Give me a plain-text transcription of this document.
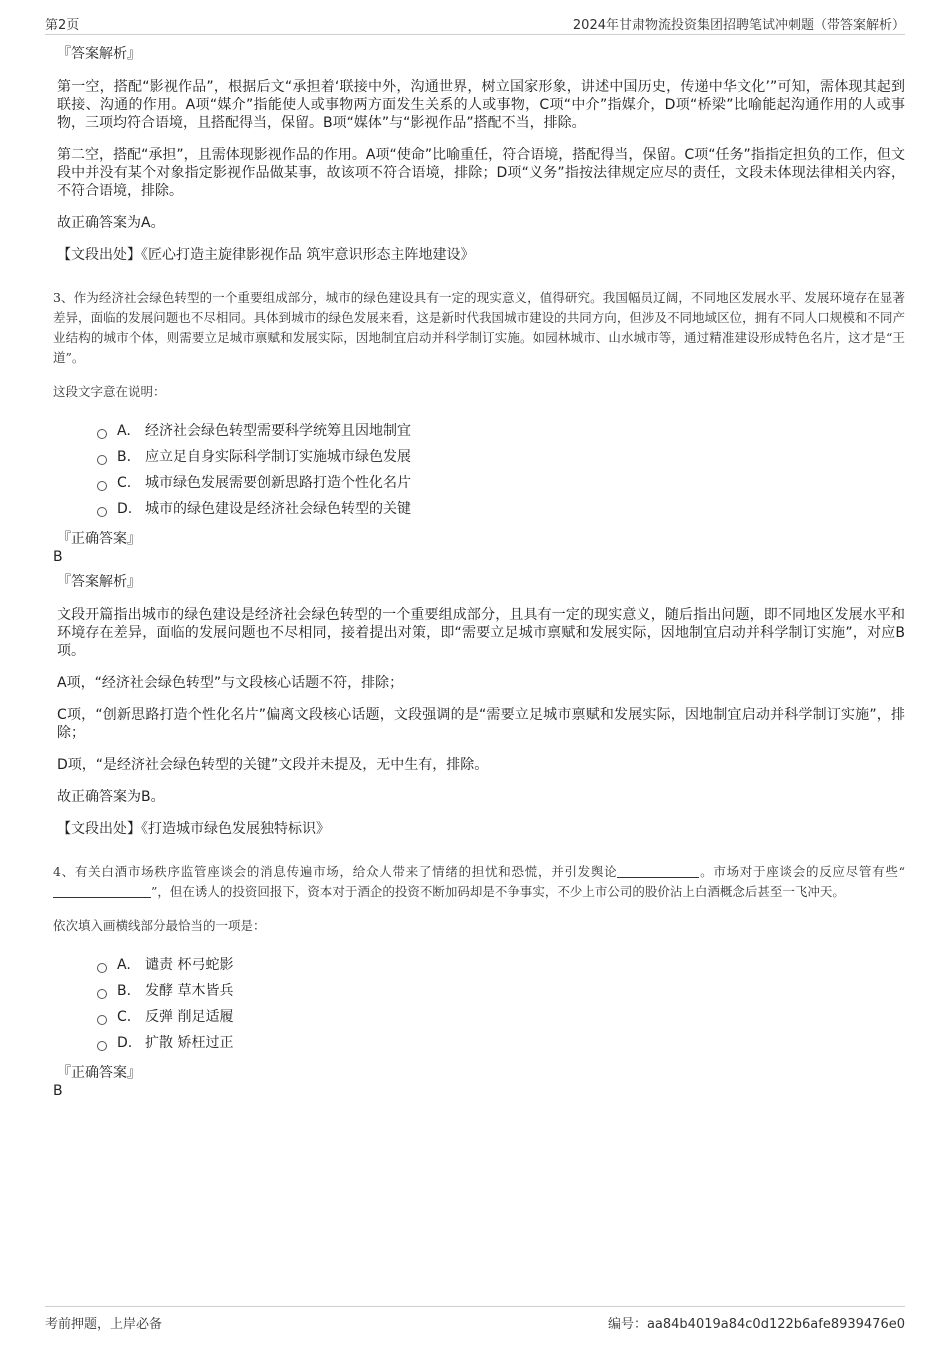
第2页	2024年甘肃物流投资集团招聘笔试冲刺题（带答案解析）
『答案解析』

第一空，搭配“影视作品”，根据后文“承担着‘联接中外，沟通世界，树立国家形象，讲述中国历史，传递中华文化’”可知，需体现其起到联接、沟通的作用。A项“媒介”指能使人或事物两方面发生关系的人或事物，C项“中介”指媒介，D项“桥梁”比喻能起沟通作用的人或事物，三项均符合语境，且搭配得当，保留。B项“媒体”与“影视作品”搭配不当，排除。

第二空，搭配“承担”，且需体现影视作品的作用。A项“使命”比喻重任，符合语境，搭配得当，保留。C项“任务”指指定担负的工作，但文段中并没有某个对象指定影视作品做某事，故该项不符合语境，排除；D项“义务”指按法律规定应尽的责任，文段未体现法律相关内容，不符合语境，排除。

故正确答案为A。

【文段出处】《匠心打造主旋律影视作品 筑牢意识形态主阵地建设》

3、作为经济社会绿色转型的一个重要组成部分，城市的绿色建设具有一定的现实意义，值得研究。我国幅员辽阔，不同地区发展水平、发展环境存在显著差异，面临的发展问题也不尽相同。具体到城市的绿色发展来看，这是新时代我国城市建设的共同方向，但涉及不同地域区位，拥有不同人口规模和不同产业结构的城市个体，则需要立足城市禀赋和发展实际，因地制宜启动并科学制订实施。如园林城市、山水城市等，通过精准建设形成特色名片，这才是“王道”。

这段文字意在说明：

A.	经济社会绿色转型需要科学统筹且因地制宜
B. 应立足自身实际科学制订实施城市绿色发展
C. 城市绿色发展需要创新思路打造个性化名片
D. 城市的绿色建设是经济社会绿色转型的关键
『正确答案』
B
『答案解析』

文段开篇指出城市的绿色建设是经济社会绿色转型的一个重要组成部分，且具有一定的现实意义，随后指出问题，即不同地区发展水平和环境存在差异，面临的发展问题也不尽相同，接着提出对策，即“需要立足城市禀赋和发展实际，因地制宜启动并科学制订实施”，对应B项。

A项，“经济社会绿色转型”与文段核心话题不符，排除；

C项，“创新思路打造个性化名片”偏离文段核心话题，文段强调的是“需要立足城市禀赋和发展实际，因地制宜启动并科学制订实施”，排除；

D项，“是经济社会绿色转型的关键”文段并未提及，无中生有，排除。

故正确答案为B。

【文段出处】《打造城市绿色发展独特标识》

4、有关白酒市场秩序监管座谈会的消息传遍市场，给众人带来了情绪的担忧和恐慌，并引发舆论	。市场对于座谈会的反应尽管有些“”，但在诱人的投资回报下，资本对于酒企的投资不断加码却是不争事实，不少上市公司的股价沾上白酒概念后甚至一飞冲天。

依次填入画横线部分最恰当的一项是：

A.	谴责 杯弓蛇影
B. 发酵 草木皆兵
C. 反弹 削足适履
D. 扩散 矫枉过正
『正确答案』
B
考前押题，上岸必备	编号：aa84b4019a84c0d122b6afe8939476e0
